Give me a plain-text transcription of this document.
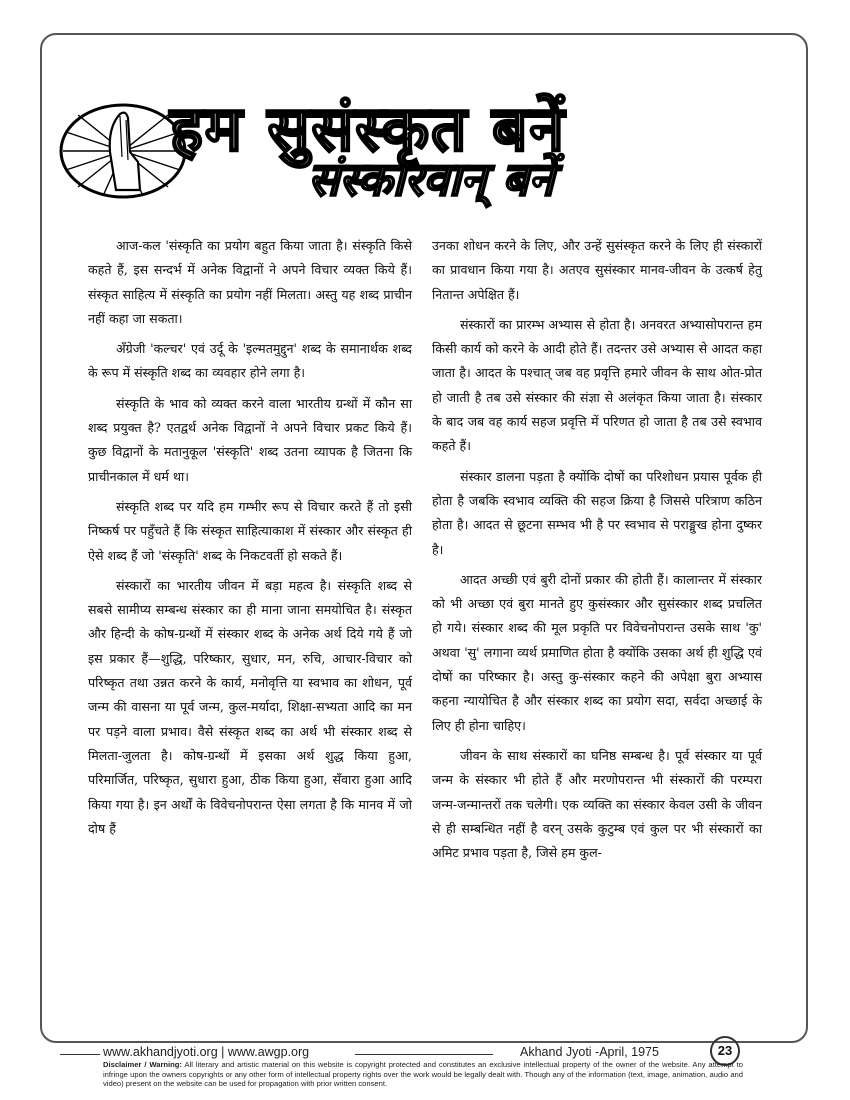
हम सुसंस्कृत बनें
संस्कारवान् बनें

आज-कल 'संस्कृति का प्रयोग बहुत किया जाता है। संस्कृति किसे कहते हैं, इस सन्दर्भ में अनेक विद्वानों ने अपने विचार व्यक्त किये हैं। संस्कृत साहित्य में संस्कृति का प्रयोग नहीं मिलता। अस्तु यह शब्द प्राचीन नहीं कहा जा सकता।

अँग्रेजी 'कल्चर' एवं उर्दू के 'इल्मतमुद्दुन' शब्द के समानार्थक शब्द के रूप में संस्कृति शब्द का व्यवहार होने लगा है।

संस्कृति के भाव को व्यक्त करने वाला भारतीय ग्रन्थों में कौन सा शब्द प्रयुक्त है? एतद्वर्थ अनेक विद्वानों ने अपने विचार प्रकट किये हैं। कुछ विद्वानों के मतानुकूल 'संस्कृति' शब्द उतना व्यापक है जितना कि प्राचीनकाल में धर्म था।

संस्कृति शब्द पर यदि हम गम्भीर रूप से विचार करते हैं तो इसी निष्कर्ष पर पहुँचते हैं कि संस्कृत साहित्याकाश में संस्कार और संस्कृत ही ऐसे शब्द हैं जो 'संस्कृति' शब्द के निकटवर्ती हो सकते हैं।

संस्कारों का भारतीय जीवन में बड़ा महत्व है। संस्कृति शब्द से सबसे सामीप्य सम्बन्ध संस्कार का ही माना जाना समयोचित है। संस्कृत और हिन्दी के कोष-ग्रन्थों में संस्कार शब्द के अनेक अर्थ दिये गये हैं जो इस प्रकार हैं—शुद्धि, परिष्कार, सुधार, मन, रुचि, आचार-विचार को परिष्कृत तथा उन्नत करने के कार्य, मनोवृत्ति या स्वभाव का शोधन, पूर्व जन्म की वासना या पूर्व जन्म, कुल-मर्यादा, शिक्षा-सभ्यता आदि का मन पर पड़ने वाला प्रभाव। वैसे संस्कृत शब्द का अर्थ भी संस्कार शब्द से मिलता-जुलता है। कोष-ग्रन्थों में इसका अर्थ शुद्ध किया हुआ, परिमार्जित, परिष्कृत, सुधारा हुआ, ठीक किया हुआ, सँवारा हुआ आदि किया गया है। इन अर्थों के विवेचनोपरान्त ऐसा लगता है कि मानव में जो दोष हैं

उनका शोधन करने के लिए, और उन्हें सुसंस्कृत करने के लिए ही संस्कारों का प्रावधान किया गया है। अतएव सुसंस्कार मानव-जीवन के उत्कर्ष हेतु नितान्त अपेक्षित हैं।

संस्कारों का प्रारम्भ अभ्यास से होता है। अनवरत अभ्यासोपरान्त हम किसी कार्य को करने के आदी होते हैं। तदन्तर उसे अभ्यास से आदत कहा जाता है। आदत के पश्चात् जब वह प्रवृत्ति हमारे जीवन के साथ ओत-प्रोत हो जाती है तब उसे संस्कार की संज्ञा से अलंकृत किया जाता है। संस्कार के बाद जब वह कार्य सहज प्रवृत्ति में परिणत हो जाता है तब उसे स्वभाव कहते हैं।

संस्कार डालना पड़ता है क्योंकि दोषों का परिशोधन प्रयास पूर्वक ही होता है जबकि स्वभाव व्यक्ति की सहज क्रिया है जिससे परित्राण कठिन होता है। आदत से छूटना सम्भव भी है पर स्वभाव से पराङ्मुख होना दुष्कर है।

आदत अच्छी एवं बुरी दोनों प्रकार की होती हैं। कालान्तर में संस्कार को भी अच्छा एवं बुरा मानते हुए कुसंस्कार और सुसंस्कार शब्द प्रचलित हो गये। संस्कार शब्द की मूल प्रकृति पर विवेचनोपरान्त उसके साथ 'कु' अथवा 'सु' लगाना व्यर्थ प्रमाणित होता है क्योंकि उसका अर्थ ही शुद्धि एवं दोषों का परिष्कार है। अस्तु कु-संस्कार कहने की अपेक्षा बुरा अभ्यास कहना न्यायोचित है और संस्कार शब्द का प्रयोग सदा, सर्वदा अच्छाई के लिए ही होना चाहिए।

जीवन के साथ संस्कारों का घनिष्ठ सम्बन्ध है। पूर्व संस्कार या पूर्व जन्म के संस्कार भी होते हैं और मरणोपरान्त भी संस्कारों की परम्परा जन्म-जन्मान्तरों तक चलेगी। एक व्यक्ति का संस्कार केवल उसी के जीवन से ही सम्बन्धित नहीं है वरन् उसके कुटुम्ब एवं कुल पर भी संस्कारों का अमिट प्रभाव पड़ता है, जिसे हम कुल-

www.akhandjyoti.org | www.awgp.org	Akhand Jyoti -April, 1975	23
Disclaimer / Warning: All literary and artistic material on this website is copyright protected and constitutes an exclusive intellectual property of the owner of the website. Any attempt to infringe upon the owners copyrights or any other form of intellectual property rights over the work would be legally dealt with. Though any of the information (text, image, animation, audio and video) present on the website can be used for propagation with prior written consent.
